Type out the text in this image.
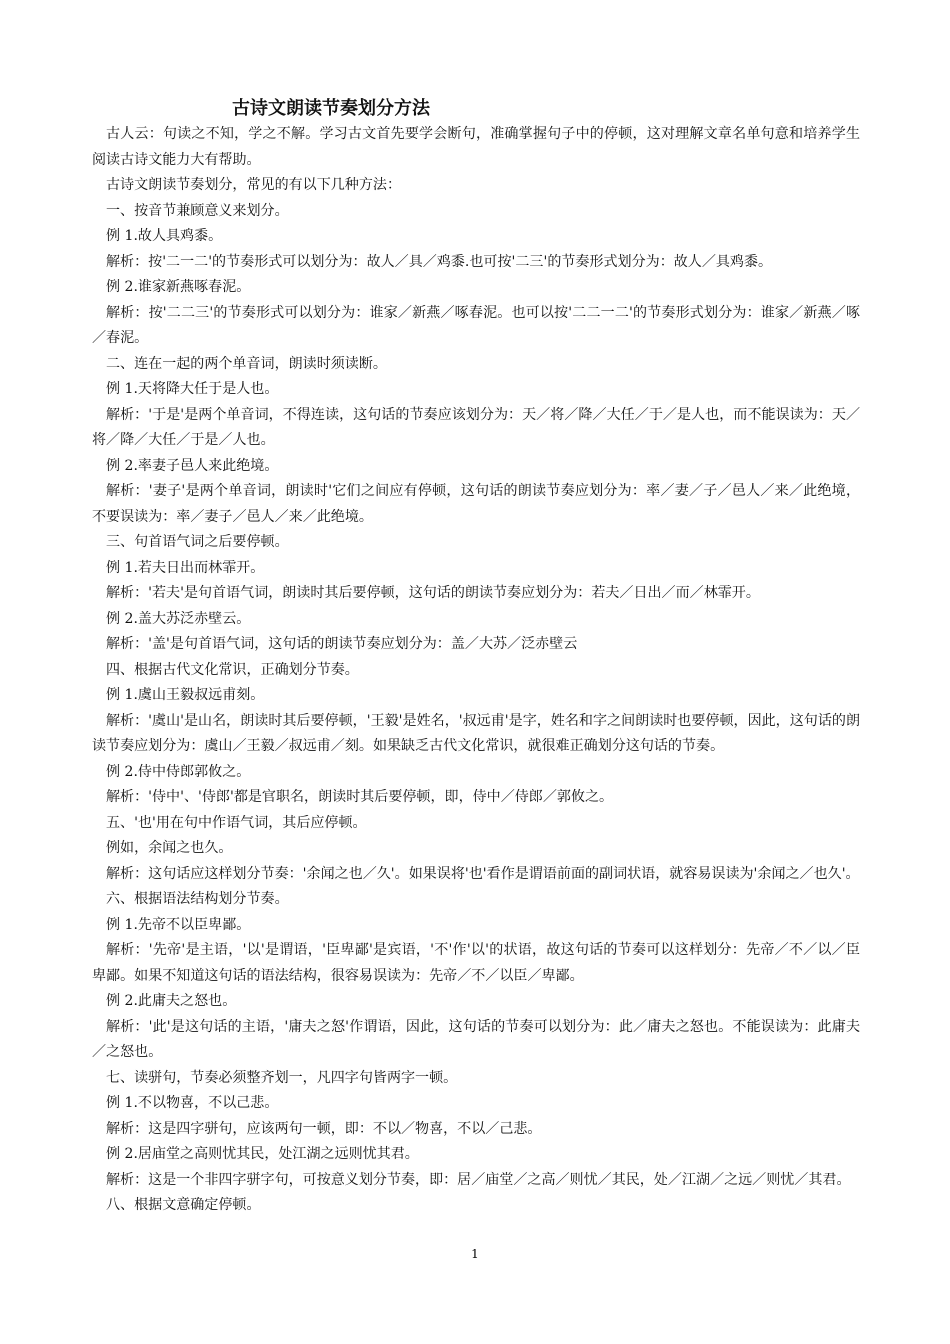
古诗文朗读节奏划分方法

古人云：句读之不知，学之不解。学习古文首先要学会断句，准确掌握句子中的停顿，这对理解文章名单句意和培养学生阅读古诗文能力大有帮助。

古诗文朗读节奏划分，常见的有以下几种方法：

一、按音节兼顾意义来划分。

例 1.故人具鸡黍。

解析：按'二一二'的节奏形式可以划分为：故人／具／鸡黍.也可按'二三'的节奏形式划分为：故人／具鸡黍。

例 2.谁家新燕啄春泥。

解析：按'二二三'的节奏形式可以划分为：谁家／新燕／啄春泥。也可以按'二二一二'的节奏形式划分为：谁家／新燕／啄／春泥。

二、连在一起的两个单音词，朗读时须读断。

例 1.天将降大任于是人也。

解析：'于是'是两个单音词，不得连读，这句话的节奏应该划分为：天／将／降／大任／于／是人也，而不能误读为：天／将／降／大任／于是／人也。

例 2.率妻子邑人来此绝境。

解析：'妻子'是两个单音词，朗读时'它们之间应有停顿，这句话的朗读节奏应划分为：率／妻／子／邑人／来／此绝境，不要误读为：率／妻子／邑人／来／此绝境。

三、句首语气词之后要停顿。

例 1.若夫日出而林霏开。

解析：'若夫'是句首语气词，朗读时其后要停顿，这句话的朗读节奏应划分为：若夫／日出／而／林霏开。

例 2.盖大苏泛赤壁云。

解析：'盖'是句首语气词，这句话的朗读节奏应划分为：盖／大苏／泛赤壁云

四、根据古代文化常识，正确划分节奏。

例 1.虞山王毅叔远甫刻。

解析：'虞山'是山名，朗读时其后要停顿，'王毅'是姓名，'叔远甫'是字，姓名和字之间朗读时也要停顿，因此，这句话的朗读节奏应划分为：虞山／王毅／叔远甫／刻。如果缺乏古代文化常识，就很难正确划分这句话的节奏。

例 2.侍中侍郎郭攸之。

解析：'侍中'、'侍郎'都是官职名，朗读时其后要停顿，即，侍中／侍郎／郭攸之。

五、'也'用在句中作语气词，其后应停顿。

例如，余闻之也久。

解析：这句话应这样划分节奏：'余闻之也／久'。如果误将'也'看作是谓语前面的副词状语，就容易误读为'余闻之／也久'。

六、根据语法结构划分节奏。

例 1.先帝不以臣卑鄙。

解析：'先帝'是主语，'以'是谓语，'臣卑鄙'是宾语，'不'作'以'的状语，故这句话的节奏可以这样划分：先帝／不／以／臣卑鄙。如果不知道这句话的语法结构，很容易误读为：先帝／不／以臣／卑鄙。

例 2.此庸夫之怒也。

解析：'此'是这句话的主语，'庸夫之怒'作谓语，因此，这句话的节奏可以划分为：此／庸夫之怒也。不能误读为：此庸夫／之怒也。

七、读骈句，节奏必须整齐划一，凡四字句皆两字一顿。

例 1.不以物喜，不以己悲。

解析：这是四字骈句，应该两句一顿，即：不以／物喜，不以／己悲。

例 2.居庙堂之高则忧其民，处江湖之远则忧其君。

解析：这是一个非四字骈字句，可按意义划分节奏，即：居／庙堂／之高／则忧／其民，处／江湖／之远／则忧／其君。

八、根据文意确定停顿。

1
